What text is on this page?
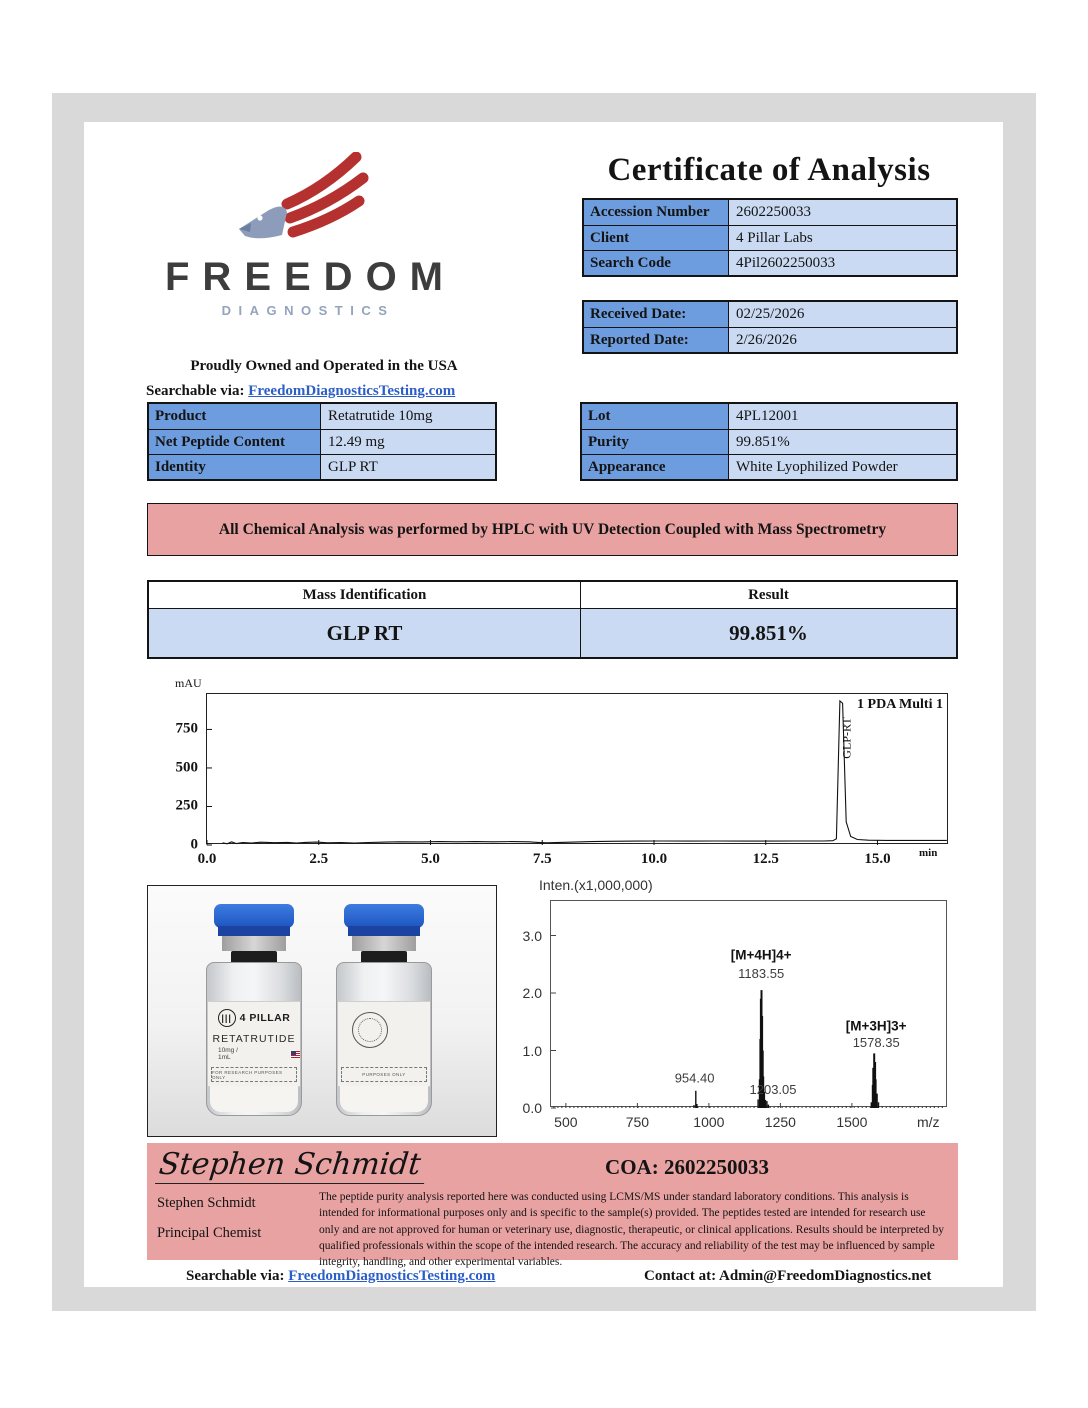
Certificate of Analysis
Accession Number	2602250033
Client	4 Pillar Labs
Search Code	4Pil2602250033
Received Date:	02/25/2026
Reported Date:	2/26/2026
FREEDOM
DIAGNOSTICS
Proudly Owned and Operated in the USA
Searchable via: FreedomDiagnosticsTesting.com
Product	Retatrutide 10mg
Net Peptide Content	12.49 mg
Identity	GLP RT
Lot	4PL12001
Purity	99.851%
Appearance	White Lyophilized Powder
All Chemical Analysis was performed by HPLC with UV Detection Coupled with Mass Spectrometry
Mass Identification	Result
GLP RT	99.851%
mAU
1 PDA Multi 1
GLP-RT
0
250
500
750
0.0	2.5	5.0	7.5	10.0	12.5	15.0	min
||| 4 PILLAR
RETATRUTIDE
10mg / 1mL
FOR RESEARCH PURPOSES ONLY	PURPOSES ONLY
Inten.(x1,000,000)
[M+4H]4+
1183.55
[M+3H]3+
1578.35
954.40
1203.05
0.0
1.0
2.0
3.0
500	750	1000	1250	1500	m/z
Stephen Schmidt	COA: 2602250033
Stephen Schmidt
Principal Chemist
The peptide purity analysis reported here was conducted using LCMS/MS under standard laboratory conditions. This analysis is intended for informational purposes only and is specific to the sample(s) provided. The peptides tested are intended for research use only and are not approved for human or veterinary use, diagnostic, therapeutic, or clinical applications. Results should be interpreted by qualified professionals within the scope of the intended research. The accuracy and reliability of the test may be influenced by sample integrity, handling, and other experimental variables.
Searchable via: FreedomDiagnosticsTesting.com	Contact at: Admin@FreedomDiagnostics.net
